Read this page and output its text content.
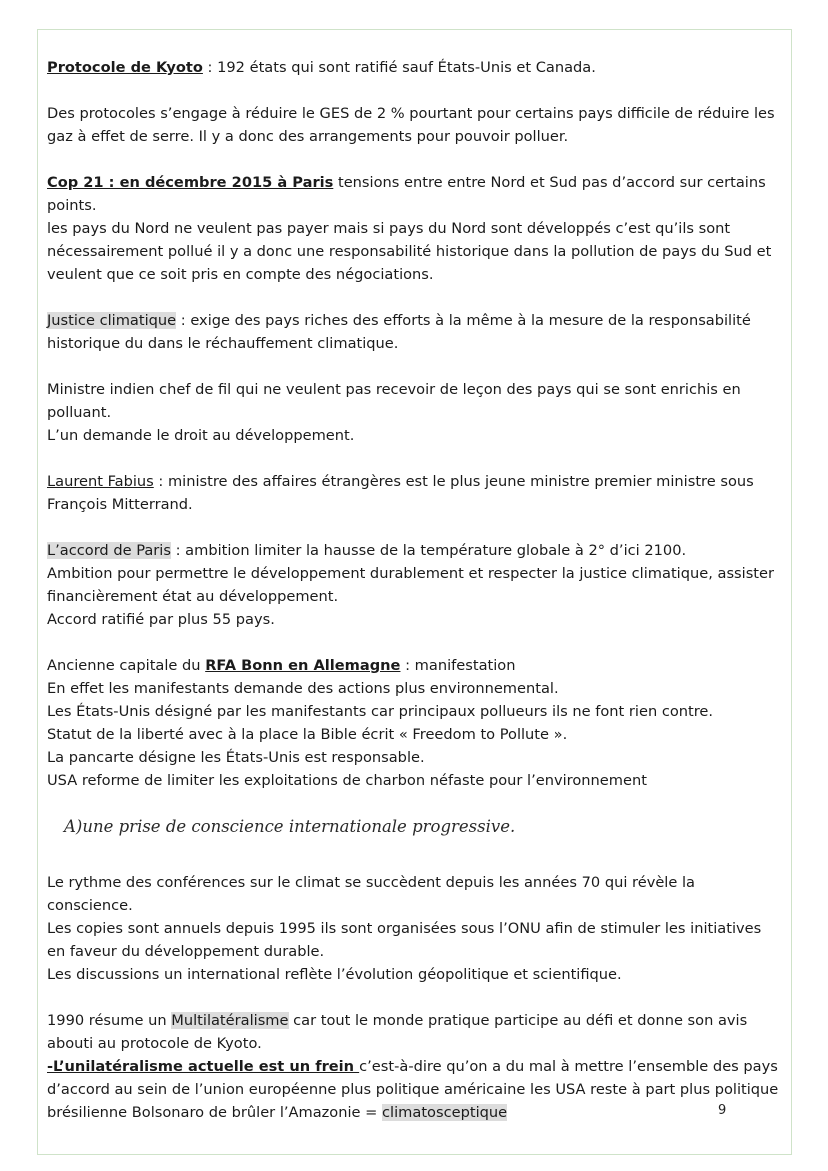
Protocole de Kyoto : 192 états qui sont ratifié sauf États-Unis et Canada.

Des protocoles s’engage à réduire le GES de 2 % pourtant pour certains pays difficile de réduire les gaz à effet de serre. Il y a donc des arrangements pour pouvoir polluer.

Cop 21 : en décembre 2015 à Paris tensions entre entre Nord et Sud pas d’accord sur certains points.
les pays du Nord ne veulent pas payer mais si pays du Nord sont développés c’est qu’ils sont nécessairement pollué il y a donc une responsabilité historique dans la pollution de pays du Sud et veulent que ce soit pris en compte des négociations.

Justice climatique : exige des pays riches des efforts à la même à la mesure de la responsabilité historique du dans le réchauffement climatique.

Ministre indien chef de fil qui ne veulent pas recevoir de leçon des pays qui se sont enrichis en polluant.
L’un demande le droit au développement.

Laurent Fabius : ministre des affaires étrangères est le plus jeune ministre premier ministre sous François Mitterrand.

L’accord de Paris : ambition limiter la hausse de la température globale à 2° d’ici 2100.
Ambition pour permettre le développement durablement et respecter la justice climatique, assister financièrement état au développement.
Accord ratifié par plus 55 pays.

Ancienne capitale du RFA Bonn en Allemagne : manifestation
En effet les manifestants demande des actions plus environnemental.
Les États-Unis désigné par les manifestants car principaux pollueurs ils ne font rien contre.
Statut de la liberté avec à la place la Bible écrit « Freedom to Pollute ».
La pancarte désigne les États-Unis est responsable.
USA reforme de limiter les exploitations de charbon néfaste pour l’environnement

A)une prise de conscience internationale progressive.

Le rythme des conférences sur le climat se succèdent depuis les années 70 qui révèle la conscience.
Les copies sont annuels depuis 1995 ils sont organisées sous l’ONU afin de stimuler les initiatives en faveur du développement durable.
Les discussions un international reflète l’évolution géopolitique et scientifique.

1990 résume un Multilatéralisme car tout le monde pratique participe au défi et donne son avis abouti au protocole de Kyoto.
-L’unilatéralisme actuelle est un frein c’est-à-dire qu’on a du mal à mettre l’ensemble des pays d’accord au sein de l’union européenne plus politique américaine les USA reste à part plus politique brésilienne Bolsonaro de brûler l’Amazonie = climatosceptique	9
